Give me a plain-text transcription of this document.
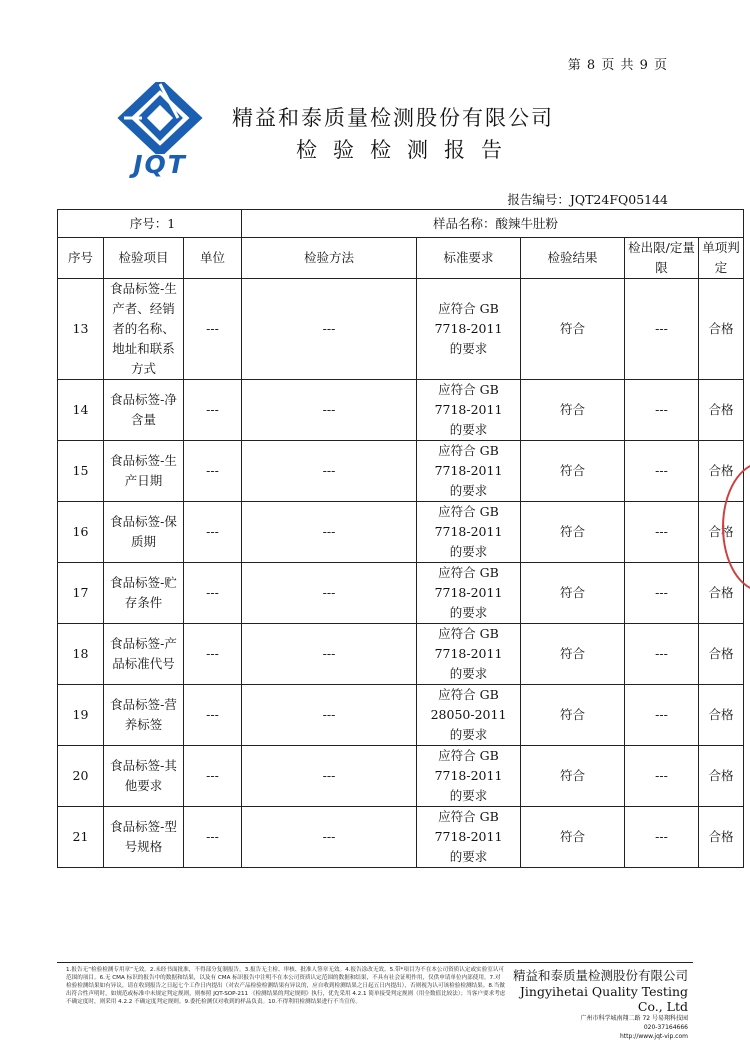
第 8 页 共 9 页
JQT
精益和泰质量检测股份有限公司
检验检测报告
报告编号：JQT24FQ05144
序号：1			样品名称：酸辣牛肚粉				
序号	检验项目	单位	检验方法	标准要求	检验结果	检出限/定量限	单项判定
13	食品标签-生产者、经销者的名称、地址和联系方式	---	---	应符合 GB 7718-2011 的要求	符合	---	合格
14	食品标签-净含量	---	---	应符合 GB 7718-2011 的要求	符合	---	合格
15	食品标签-生产日期	---	---	应符合 GB 7718-2011 的要求	符合	---	合格
16	食品标签-保质期	---	---	应符合 GB 7718-2011 的要求	符合	---	合格
17	食品标签-贮存条件	---	---	应符合 GB 7718-2011 的要求	符合	---	合格
18	食品标签-产品标准代号	---	---	应符合 GB 7718-2011 的要求	符合	---	合格
19	食品标签-营养标签	---	---	应符合 GB 28050-2011 的要求	符合	---	合格
20	食品标签-其他要求	---	---	应符合 GB 7718-2011 的要求	符合	---	合格
21	食品标签-型号规格	---	---	应符合 GB 7718-2011 的要求	符合	---	合格
1.报告无“检验检测专用章”无效。2.未经书面批准，不得部分复制报告。3.报告无主检、审核、批准人签章无效。4.报告涂改无效。5.带*项目为不在本公司资质认定或实验室认可范围的项目。6.无 CMA 标识的报告中的数据和结果，以及有 CMA 标识报告中注明不在本公司资质认定范围的数据和结果，不具有社会证明作用，仅供申请单位内部使用。7.对检验检测结果如有异议，请在收到报告之日起七个工作日内提出（对农产品检验检测结果有异议的，应自收到检测结果之日起五日内提出），否则视为认可该检验检测结果。8.当做出符合性声明时，如规范或标准中未规定判定规则，则参照 JQT-SOP-211 《检测结果的判定规则》执行，优先采用 4.2.1 简单接受判定规则（用全数值比较法）；当客户要求考虑不确定度时，则采用 4.2.2 不确定度判定规则。9.委托检测仅对收到的样品负责。10.不得利用检测结果进行不当宣传。
精益和泰质量检测股份有限公司
Jingyihetai Quality Testing Co., Ltd
广州市科学城南翔二路 72 号易翔科技园
020-37164666
http://www.jqt-vip.com
